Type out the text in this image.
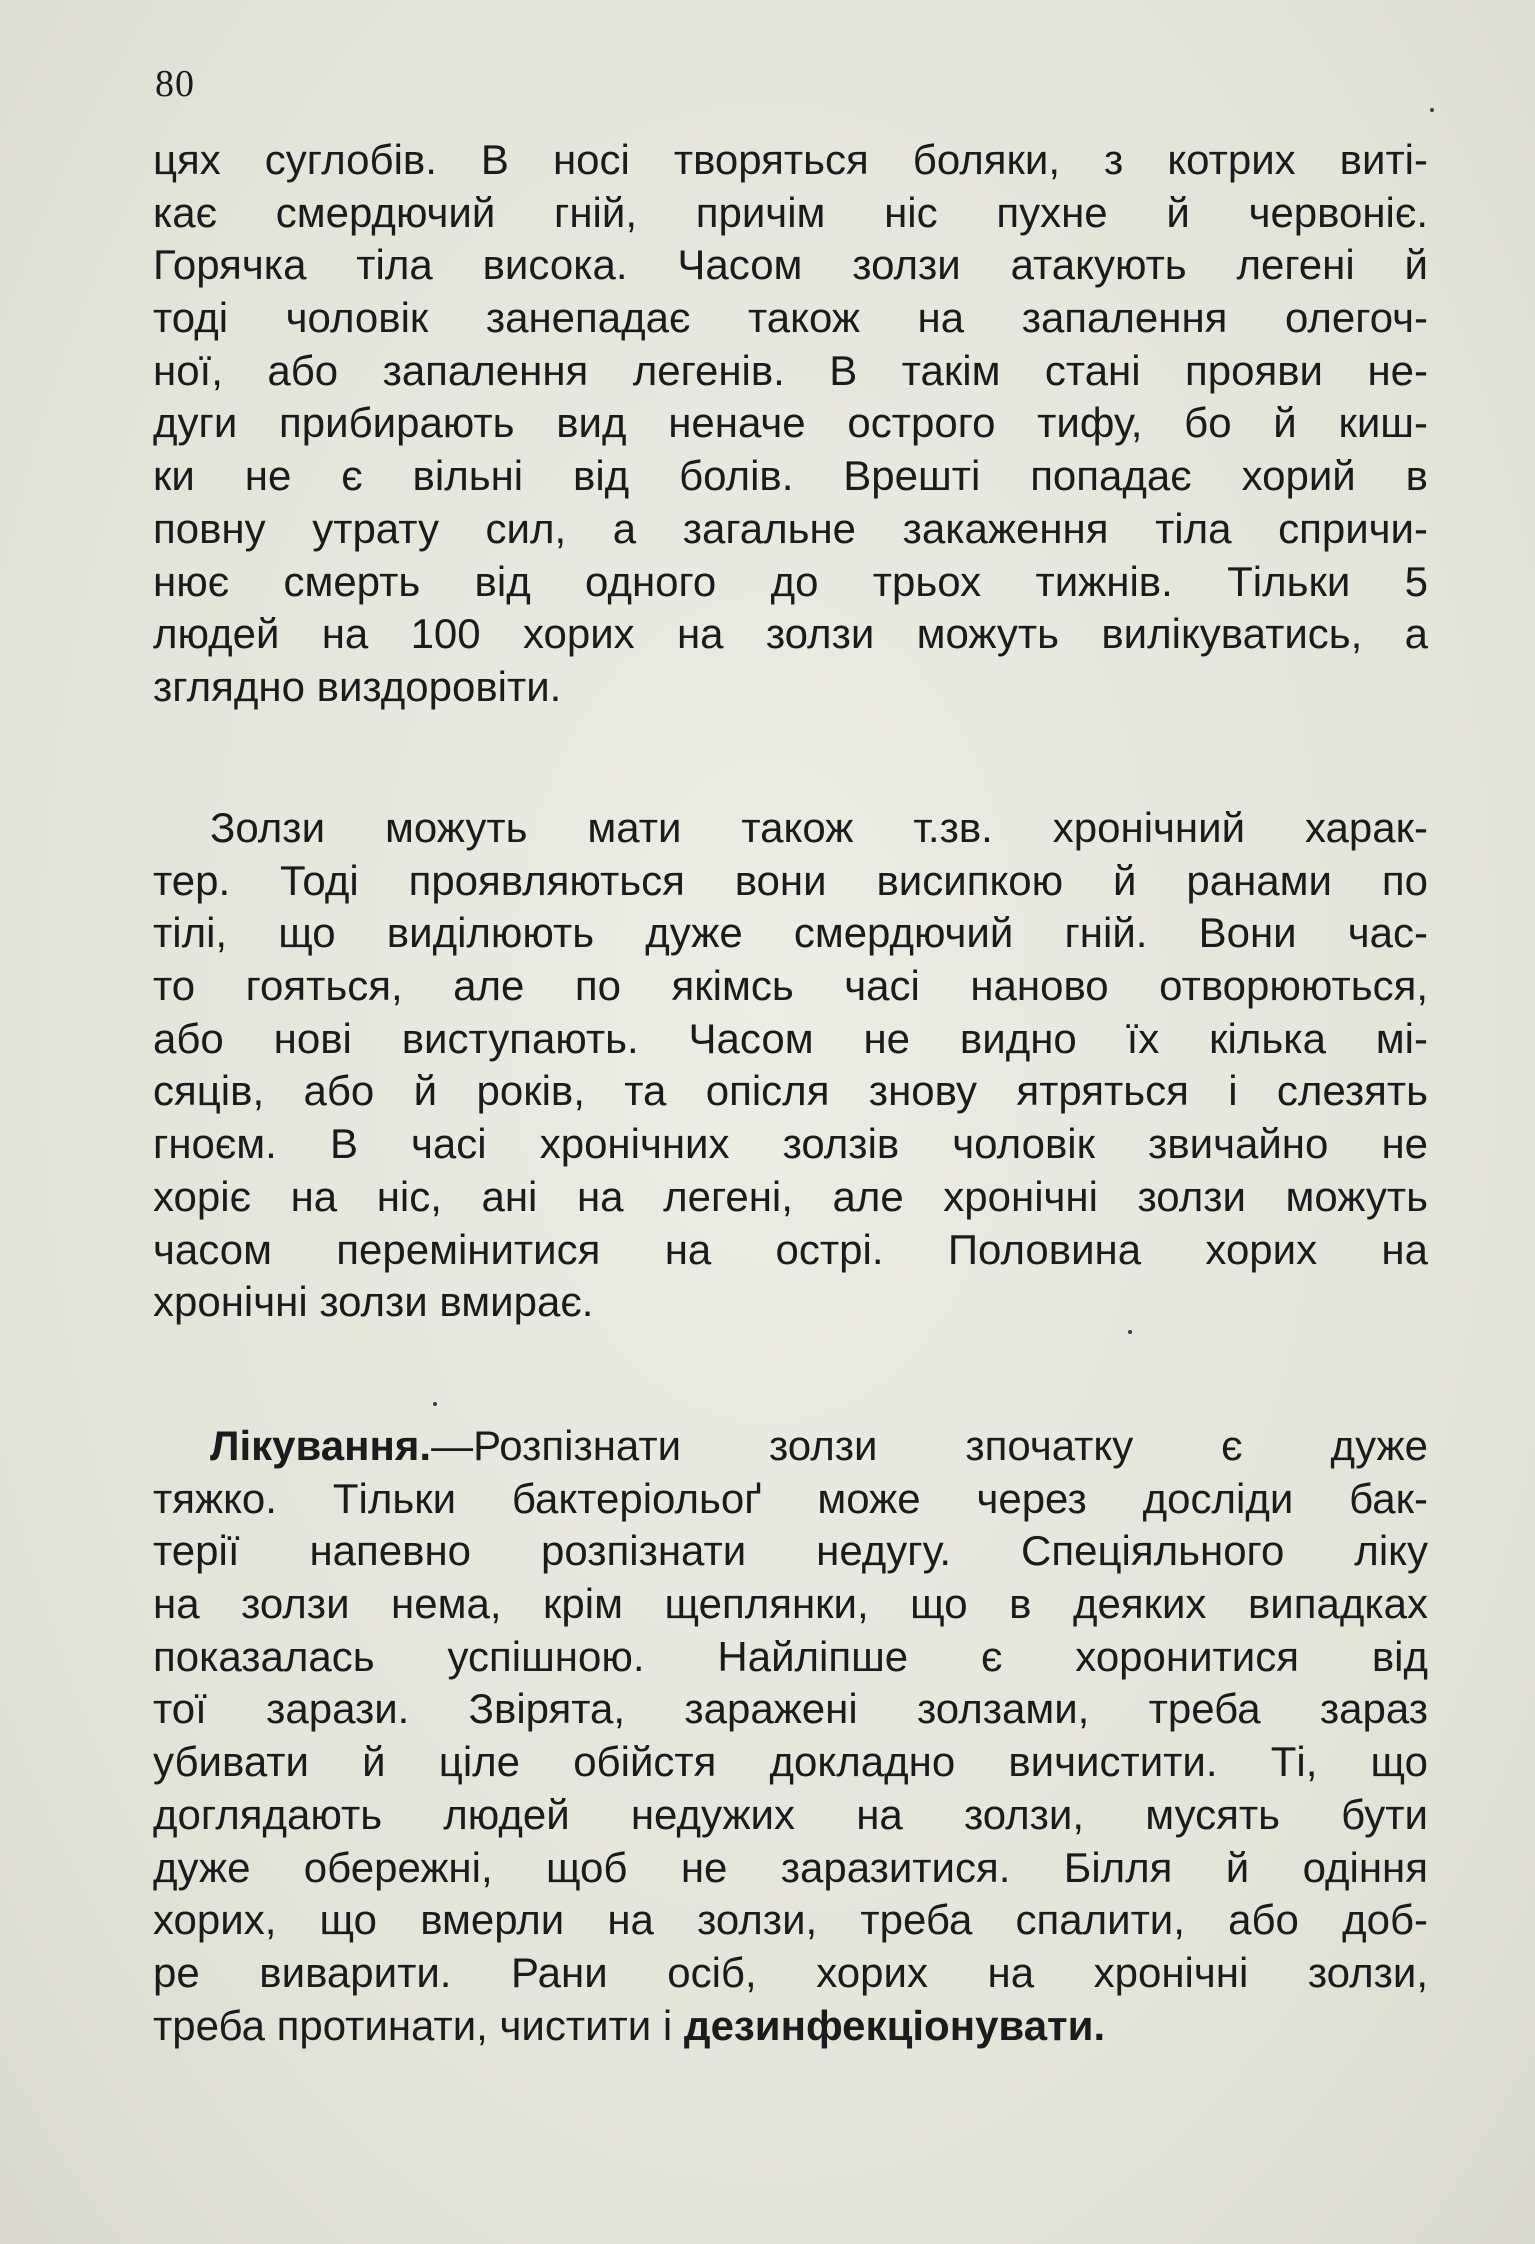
80
цях суглобів. В носі творяться боляки, з котрих виті-
кає смердючий гній, причім ніс пухне й червоніє.
Горячка тіла висока. Часом золзи атакують легені й
тоді чоловік занепадає також на запалення олегоч-
ної, або запалення легенів. В такім стані прояви не-
дуги прибирають вид неначе острого тифу, бо й киш-
ки не є вільні від болів. Врешті попадає хорий в
повну утрату сил, а загальне закаження тіла спричи-
нює смерть від одного до трьох тижнів. Тільки 5
людей на 100 хорих на золзи можуть вилікуватись, а
зглядно виздоровіти.
Золзи можуть мати також т.зв. хронічний харак-
тер. Тоді проявляються вони висипкою й ранами по
тілі, що виділюють дуже смердючий гній. Вони час-
то гояться, але по якімсь часі наново отворюються,
або нові виступають. Часом не видно їх кілька мі-
сяців, або й років, та опісля знову ятряться і слезять
гноєм. В часі хронічних золзів чоловік звичайно не
хоріє на ніс, ані на легені, але хронічні золзи можуть
часом перемінитися на острі. Половина хорих на
хронічні золзи вмирає.
Лікування.—Розпізнати золзи зпочатку є дуже
тяжко. Тільки бактеріольоґ може через досліди бак-
терії напевно розпізнати недугу. Спеціяльного ліку
на золзи нема, крім щеплянки, що в деяких випадках
показалась успішною. Найліпше є хоронитися від
тої зарази. Звірята, заражені золзами, треба зараз
убивати й ціле обійстя докладно вичистити. Ті, що
доглядають людей недужих на золзи, мусять бути
дуже обережні, щоб не заразитися. Білля й одіння
хорих, що вмерли на золзи, треба спалити, або доб-
ре виварити. Рани осіб, хорих на хронічні золзи,
треба протинати, чистити і дезинфекціонувати.
